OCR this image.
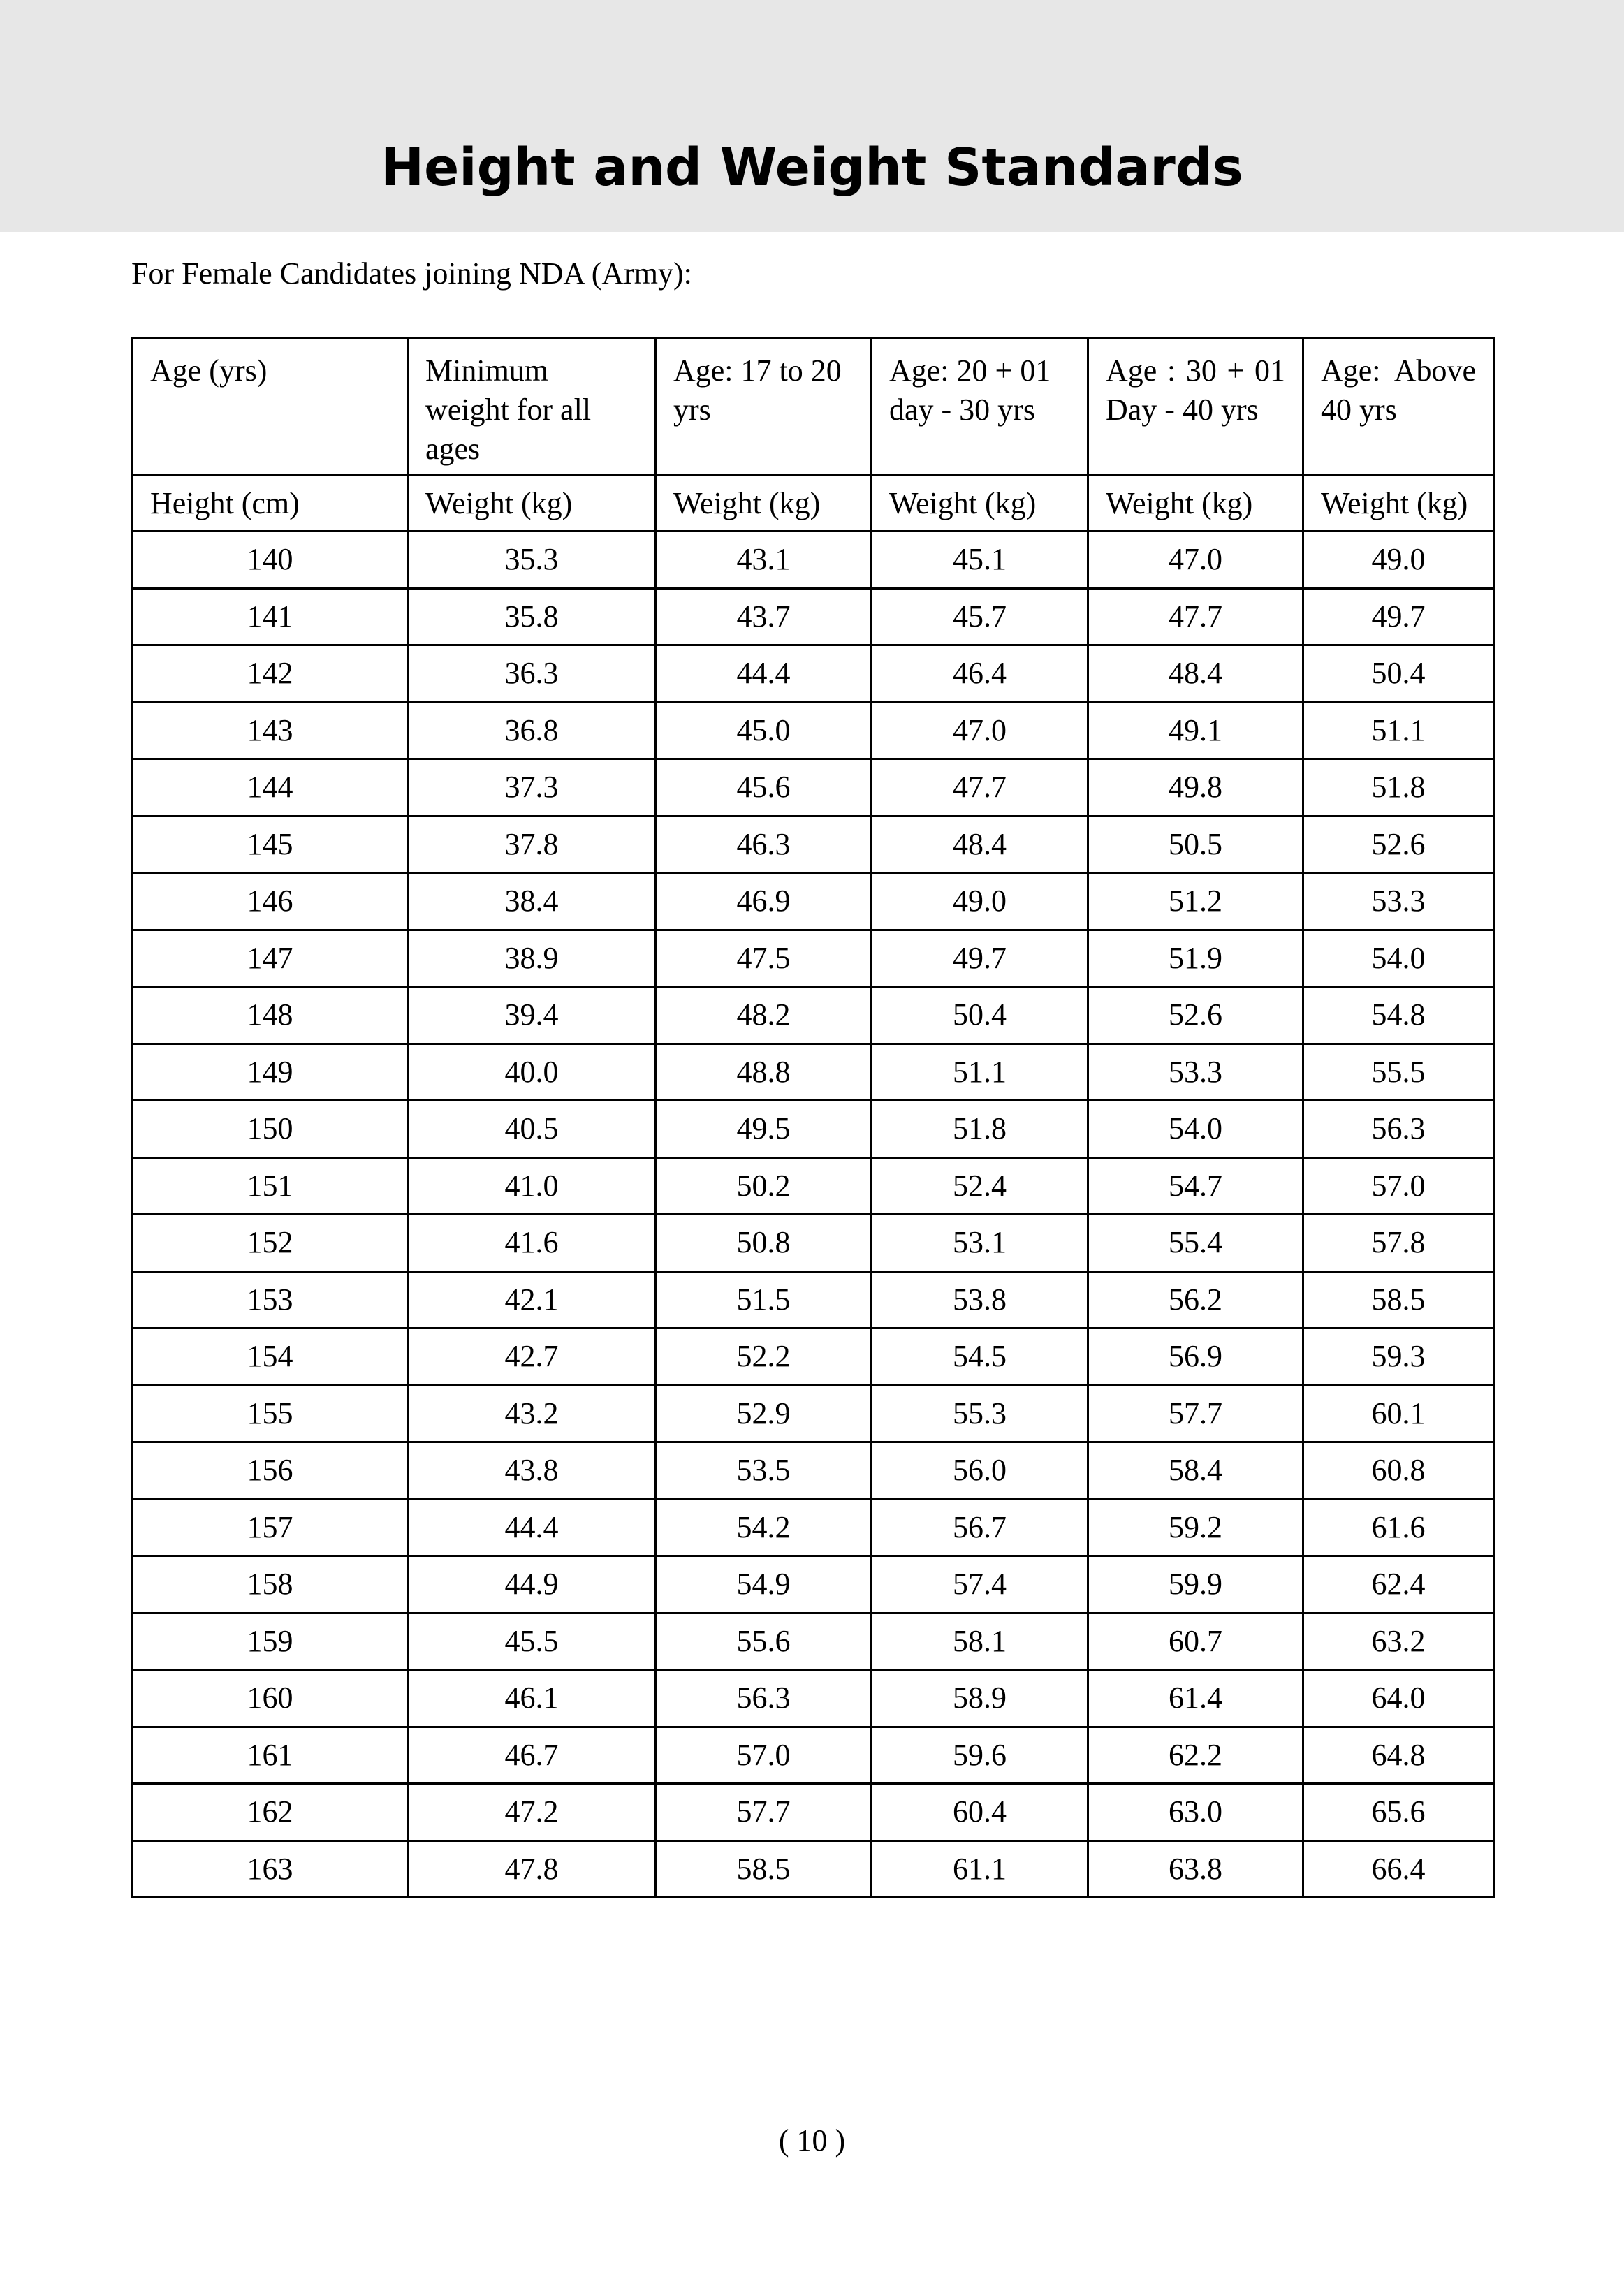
Height and Weight Standards

For Female Candidates joining NDA (Army):

Age (yrs)	Minimum weight for all ages	Age: 17 to 20 yrs	Age: 20 + 01 day - 30 yrs	Age : 30 + 01 Day - 40 yrs	Age: Above 40 yrs
Height (cm)	Weight (kg)	Weight (kg)	Weight (kg)	Weight (kg)	Weight (kg)
140	35.3	43.1	45.1	47.0	49.0
141	35.8	43.7	45.7	47.7	49.7
142	36.3	44.4	46.4	48.4	50.4
143	36.8	45.0	47.0	49.1	51.1
144	37.3	45.6	47.7	49.8	51.8
145	37.8	46.3	48.4	50.5	52.6
146	38.4	46.9	49.0	51.2	53.3
147	38.9	47.5	49.7	51.9	54.0
148	39.4	48.2	50.4	52.6	54.8
149	40.0	48.8	51.1	53.3	55.5
150	40.5	49.5	51.8	54.0	56.3
151	41.0	50.2	52.4	54.7	57.0
152	41.6	50.8	53.1	55.4	57.8
153	42.1	51.5	53.8	56.2	58.5
154	42.7	52.2	54.5	56.9	59.3
155	43.2	52.9	55.3	57.7	60.1
156	43.8	53.5	56.0	58.4	60.8
157	44.4	54.2	56.7	59.2	61.6
158	44.9	54.9	57.4	59.9	62.4
159	45.5	55.6	58.1	60.7	63.2
160	46.1	56.3	58.9	61.4	64.0
161	46.7	57.0	59.6	62.2	64.8
162	47.2	57.7	60.4	63.0	65.6
163	47.8	58.5	61.1	63.8	66.4
( 10 )
